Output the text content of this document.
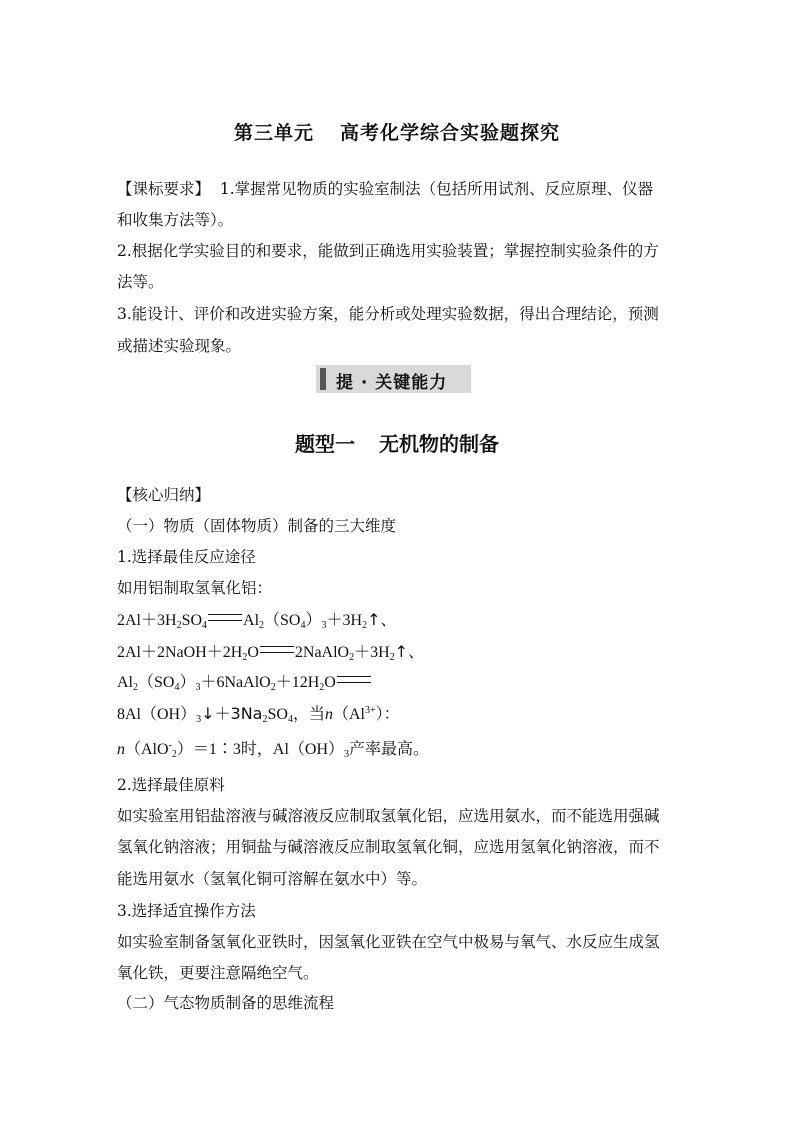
第三单元 高考化学综合实验题探究
【课标要求】 1.掌握常见物质的实验室制法（包括所用试剂、反应原理、仪器
和收集方法等）。
2.根据化学实验目的和要求，能做到正确选用实验装置；掌握控制实验条件的方
法等。
3.能设计、评价和改进实验方案，能分析或处理实验数据，得出合理结论，预测
或描述实验现象。
提 · 关键能力
题型一 无机物的制备
【核心归纳】
（一）物质（固体物质）制备的三大维度
1.选择最佳反应途径
如用铝制取氢氧化铝：
$2Al+3H_2SO_4$ $Al_2(SO_4)_3+3H_2↑$、
$2Al+2NaOH+2H_2O$ $2NaAlO_2+3H_2↑$、
$Al_2(SO_4)_3+6NaAlO_2+12H_2O$
$8Al(OH)_3↓+3Na_2SO_4$，当$n(Al^{3+})$：
n（AlO-$_2$）＝1∶3时，$Al(OH)_3$产率最高。
2.选择最佳原料
如实验室用铝盐溶液与碱溶液反应制取氢氧化铝，应选用氨水，而不能选用强碱
氢氧化钠溶液；用铜盐与碱溶液反应制取氢氧化铜，应选用氢氧化钠溶液，而不
能选用氨水（氢氧化铜可溶解在氨水中）等。
3.选择适宜操作方法
如实验室制备氢氧化亚铁时，因氢氧化亚铁在空气中极易与氧气、水反应生成氢
氧化铁，更要注意隔绝空气。
（二）气态物质制备的思维流程
